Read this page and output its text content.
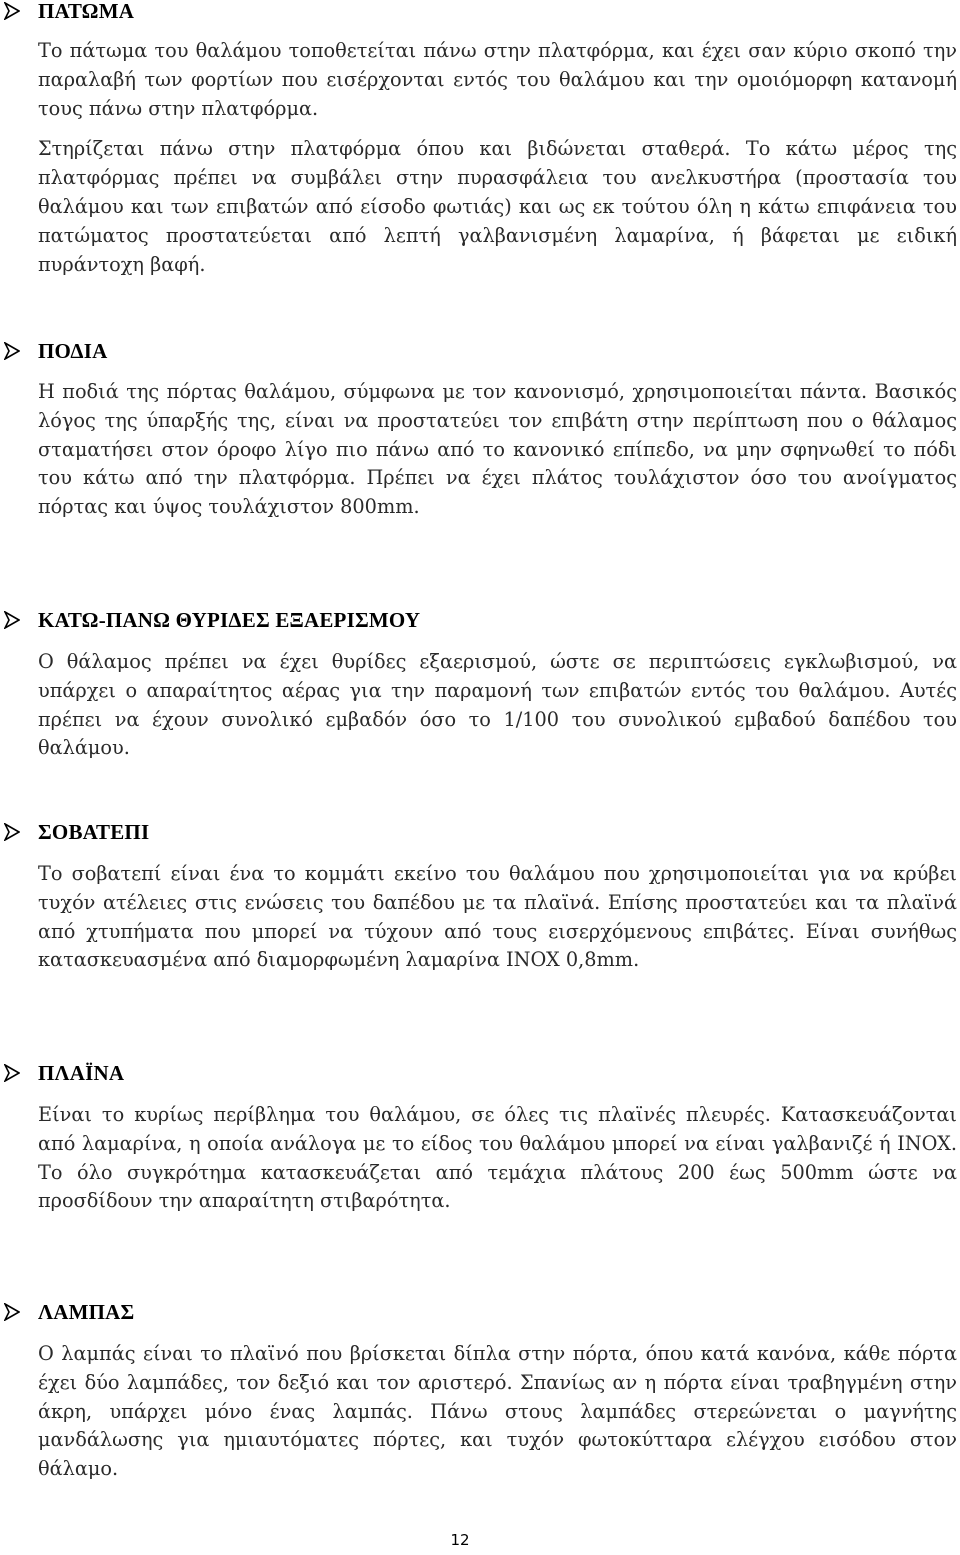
ΠΑΤΩΜΑ

Το πάτωμα του θαλάμου τοποθετείται πάνω στην πλατφόρμα, και έχει σαν κύριο σκοπό την παραλαβή των φορτίων που εισέρχονται εντός του θαλάμου και την ομοιόμορφη κατανομή τους πάνω στην πλατφόρμα.

Στηρίζεται πάνω στην πλατφόρμα όπου και βιδώνεται σταθερά. Το κάτω μέρος της πλατφόρμας πρέπει να συμβάλει στην πυρασφάλεια του ανελκυστήρα (προστασία του θαλάμου και των επιβατών από είσοδο φωτιάς) και ως εκ τούτου όλη η κάτω επιφάνεια του πατώματος προστατεύεται από λεπτή γαλβανισμένη λαμαρίνα, ή βάφεται με ειδική πυράντοχη βαφή.

ΠΟΔΙΑ

Η ποδιά της πόρτας θαλάμου, σύμφωνα με τον κανονισμό, χρησιμοποιείται πάντα. Βασικός λόγος της ύπαρξής της, είναι να προστατεύει τον επιβάτη στην περίπτωση που ο θάλαμος σταματήσει στον όροφο λίγο πιο πάνω από το κανονικό επίπεδο, να μην σφηνωθεί το πόδι του κάτω από την πλατφόρμα. Πρέπει να έχει πλάτος τουλάχιστον όσο του ανοίγματος πόρτας και ύψος τουλάχιστον 800mm.

ΚΑΤΩ-ΠΑΝΩ ΘΥΡΙΔΕΣ ΕΞΑΕΡΙΣΜΟΥ

Ο θάλαμος πρέπει να έχει θυρίδες εξαερισμού, ώστε σε περιπτώσεις εγκλωβισμού, να υπάρχει ο απαραίτητος αέρας για την παραμονή των επιβατών εντός του θαλάμου. Αυτές πρέπει να έχουν συνολικό εμβαδόν όσο το 1/100 του συνολικού εμβαδού δαπέδου του θαλάμου.

ΣΟΒΑΤΕΠΙ

Το σοβατεπί είναι ένα το κομμάτι εκείνο του θαλάμου που χρησιμοποιείται για να κρύβει τυχόν ατέλειες στις ενώσεις του δαπέδου με τα πλαϊνά. Επίσης προστατεύει και τα πλαϊνά από χτυπήματα που μπορεί να τύχουν από τους εισερχόμενους επιβάτες. Είναι συνήθως κατασκευασμένα από διαμορφωμένη λαμαρίνα INOX 0,8mm.

ΠΛΑΪΝΑ

Είναι το κυρίως περίβλημα του θαλάμου, σε όλες τις πλαϊνές πλευρές. Κατασκευάζονται από λαμαρίνα, η οποία ανάλογα με το είδος του θαλάμου μπορεί να είναι γαλβανιζέ ή INOX. Το όλο συγκρότημα κατασκευάζεται από τεμάχια πλάτους 200 έως 500mm ώστε να προσδίδουν την απαραίτητη στιβαρότητα.

ΛΑΜΠΑΣ

Ο λαμπάς είναι το πλαϊνό που βρίσκεται δίπλα στην πόρτα, όπου κατά κανόνα, κάθε πόρτα έχει δύο λαμπάδες, τον δεξιό και τον αριστερό. Σπανίως αν η πόρτα είναι τραβηγμένη στην άκρη, υπάρχει μόνο ένας λαμπάς. Πάνω στους λαμπάδες στερεώνεται ο μαγνήτης μανδάλωσης για ημιαυτόματες πόρτες, και τυχόν φωτοκύτταρα ελέγχου εισόδου στον θάλαμο.

12
